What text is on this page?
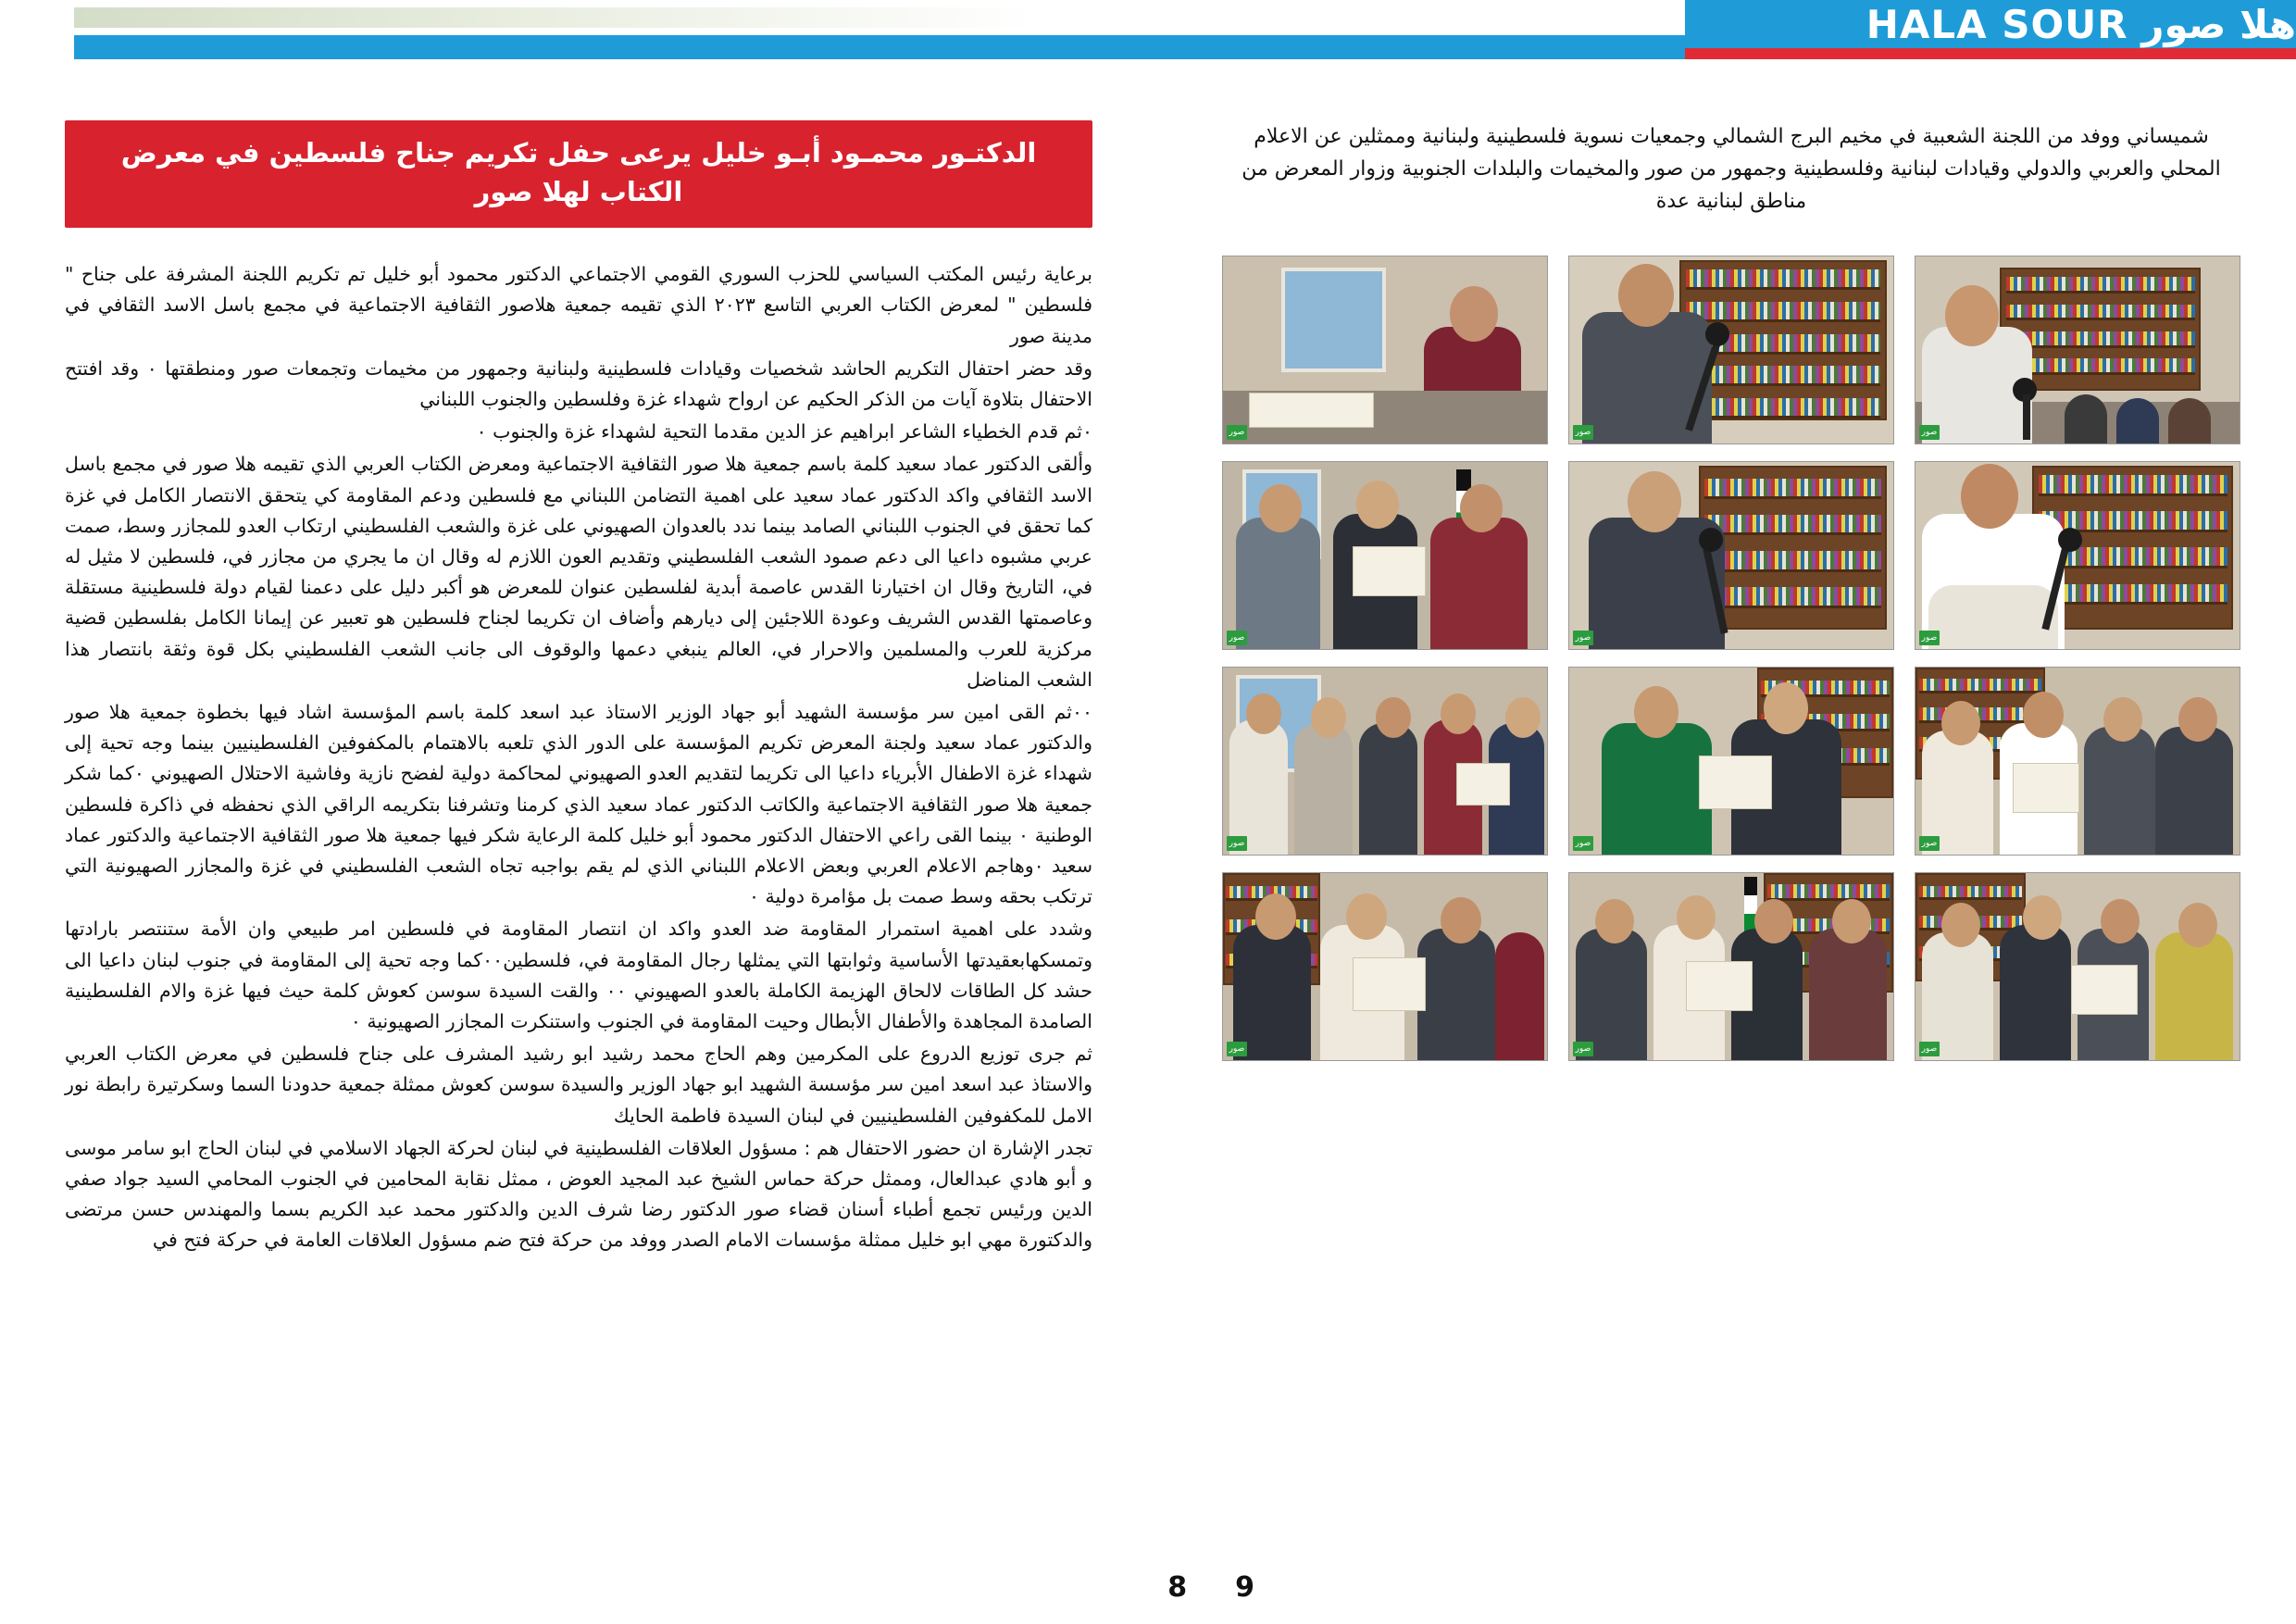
هلا صور HALA SOUR
الدكتـور محمـود أبـو خليل يرعى حفل تكريم جناح فلسطين في معرض الكتاب لهلا صور

برعاية رئيس المكتب السياسي للحزب السوري القومي الاجتماعي الدكتور محمود أبو خليل تم تكريم اللجنة المشرفة على جناح " فلسطين " لمعرض الكتاب العربي التاسع ٢٠٢٣ الذي تقيمه جمعية هلاصور الثقافية الاجتماعية في مجمع باسل الاسد الثقافي في مدينة صور

وقد حضر احتفال التكريم الحاشد شخصيات وقيادات فلسطينية ولبنانية وجمهور من مخيمات وتجمعات صور ومنطقتها ٠ وقد افتتح الاحتفال بتلاوة آيات من الذكر الحكيم عن ارواح شهداء غزة وفلسطين والجنوب اللبناني

٠ثم قدم الخطياء الشاعر ابراهيم عز الدين مقدما التحية لشهداء غزة والجنوب ٠

وألقى الدكتور عماد سعيد كلمة باسم جمعية هلا صور الثقافية الاجتماعية ومعرض الكتاب العربي الذي تقيمه هلا صور في مجمع باسل الاسد الثقافي واكد الدكتور عماد سعيد على اهمية التضامن اللبناني مع فلسطين ودعم المقاومة كي يتحقق الانتصار الكامل في غزة كما تحقق في الجنوب اللبناني الصامد بينما ندد بالعدوان الصهيوني على غزة والشعب الفلسطيني ارتكاب العدو للمجازر وسط، صمت عربي مشبوه داعيا الى دعم صمود الشعب الفلسطيني وتقديم العون اللازم له وقال ان ما يجري من مجازر في، فلسطين لا مثيل له في، التاريخ وقال ان اختيارنا القدس عاصمة أبدية لفلسطين عنوان للمعرض هو أكبر دليل على دعمنا لقيام دولة فلسطينية مستقلة وعاصمتها القدس الشريف وعودة اللاجئين إلى ديارهم وأضاف ان تكريما لجناح فلسطين هو تعبير عن إيمانا الكامل بفلسطين قضية مركزية للعرب والمسلمين والاحرار في، العالم ينبغي دعمها والوقوف الى جانب الشعب الفلسطيني بكل قوة وثقة بانتصار هذا الشعب المناضل

٠٠ثم القى امين سر مؤسسة الشهيد أبو جهاد الوزير الاستاذ عبد اسعد كلمة باسم المؤسسة اشاد فيها بخطوة جمعية هلا صور والدكتور عماد سعيد ولجنة المعرض تكريم المؤسسة على الدور الذي تلعبه بالاهتمام بالمكفوفين الفلسطينيين بينما وجه تحية إلى شهداء غزة الاطفال الأبرياء داعيا الى تكريما لتقديم العدو الصهيوني لمحاكمة دولية لفضح نازية وفاشية الاحتلال الصهيوني ٠كما شكر جمعية هلا صور الثقافية الاجتماعية والكاتب الدكتور عماد سعيد الذي كرمنا وتشرفنا بتكريمه الراقي الذي نحفظه في ذاكرة فلسطين الوطنية ٠ بينما القى راعي الاحتفال الدكتور محمود أبو خليل كلمة الرعاية شكر فيها جمعية هلا صور الثقافية الاجتماعية والدكتور عماد سعيد ٠وهاجم الاعلام العربي وبعض الاعلام اللبناني الذي لم يقم بواجبه تجاه الشعب الفلسطيني في غزة والمجازر الصهيونية التي ترتكب بحقه وسط صمت بل مؤامرة دولية ٠

وشدد على اهمية استمرار المقاومة ضد العدو واكد ان انتصار المقاومة في فلسطين امر طبيعي وان الأمة ستنتصر بارادتها وتمسكهابعقيدتها الأساسية وثوابتها التي يمثلها رجال المقاومة في، فلسطين٠٠كما وجه تحية إلى المقاومة في جنوب لبنان داعيا الى حشد كل الطاقات لالحاق الهزيمة الكاملة بالعدو الصهيوني ٠٠ والقت السيدة سوسن كعوش كلمة حيث فيها غزة والام الفلسطينية الصامدة المجاهدة والأطفال الأبطال وحيت المقاومة في الجنوب واستنكرت المجازر الصهيونية ٠

ثم جرى توزيع الدروع على المكرمين وهم الحاج محمد رشيد ابو رشيد المشرف على جناح فلسطين في معرض الكتاب العربي والاستاذ عبد اسعد امين سر مؤسسة الشهيد ابو جهاد الوزير والسيدة سوسن كعوش ممثلة جمعية حدودنا السما وسكرتيرة رابطة نور الامل للمكفوفين الفلسطينيين في لبنان السيدة فاطمة الحايك

تجدر الإشارة ان حضور الاحتفال هم : مسؤول العلاقات الفلسطينية في لبنان لحركة الجهاد الاسلامي في لبنان الحاج ابو سامر موسى و أبو هادي عبدالعال، وممثل حركة حماس الشيخ عبد المجيد العوض ، ممثل نقابة المحامين في الجنوب المحامي السيد جواد صفي الدين ورئيس تجمع أطباء أسنان قضاء صور الدكتور رضا شرف الدين والدكتور محمد عبد الكريم بسما والمهندس حسن مرتضى والدكتورة مهي ابو خليل ممثلة مؤسسات الامام الصدر ووفد من حركة فتح ضم مسؤول العلاقات العامة في حركة فتح في

9
8
شميساني ووفد من اللجنة الشعبية في مخيم البرج الشمالي وجمعيات نسوية فلسطينية ولبنانية وممثلين عن الاعلام المحلي والعربي والدولي وقيادات لبنانية وفلسطينية وجمهور من صور والمخيمات والبلدات الجنوبية وزوار المعرض من مناطق لبنانية عدة
صور
صور
صور
صور
صور
صور
صور
صور
صور
صور
صور
صور
